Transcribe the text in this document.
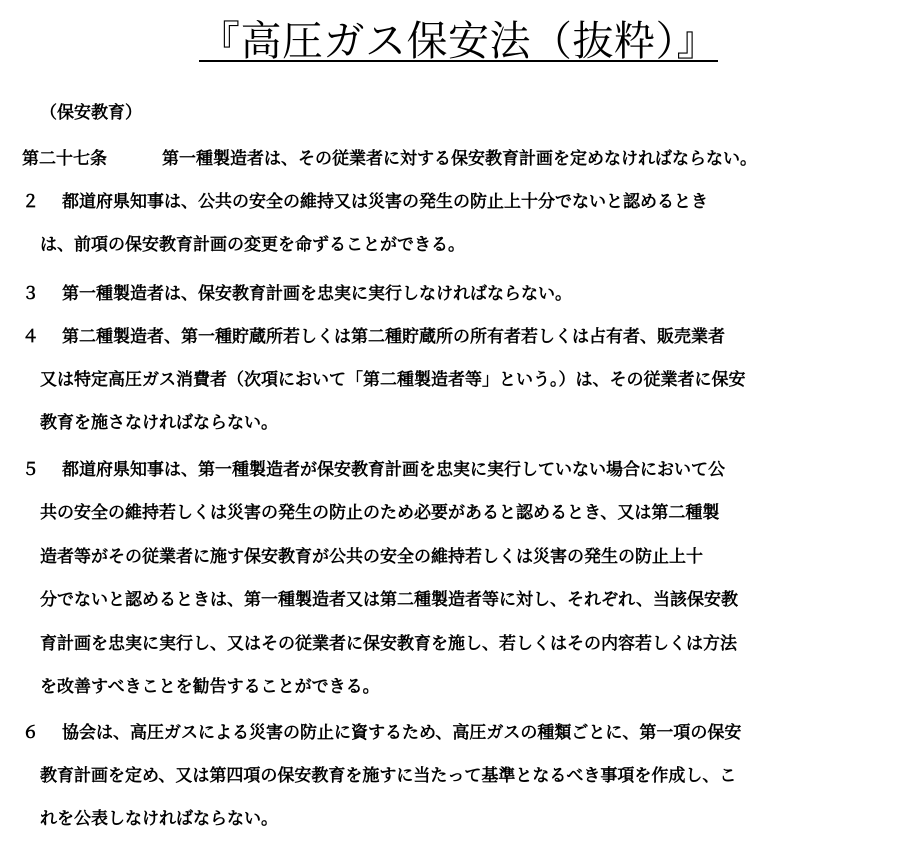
『高圧ガス保安法（抜粋）』
（保安教育）
第二十七条	第一種製造者は、その従業者に対する保安教育計画を定めなければならない。
２ 都道府県知事は、公共の安全の維持又は災害の発生の防止上十分でないと認めるとき
は、前項の保安教育計画の変更を命ずることができる。
３ 第一種製造者は、保安教育計画を忠実に実行しなければならない。
４ 第二種製造者、第一種貯蔵所若しくは第二種貯蔵所の所有者若しくは占有者、販売業者
又は特定高圧ガス消費者（次項において「第二種製造者等」という。）は、その従業者に保安
教育を施さなければならない。
５ 都道府県知事は、第一種製造者が保安教育計画を忠実に実行していない場合において公
共の安全の維持若しくは災害の発生の防止のため必要があると認めるとき、又は第二種製
造者等がその従業者に施す保安教育が公共の安全の維持若しくは災害の発生の防止上十
分でないと認めるときは、第一種製造者又は第二種製造者等に対し、それぞれ、当該保安教
育計画を忠実に実行し、又はその従業者に保安教育を施し、若しくはその内容若しくは方法
を改善すべきことを勧告することができる。
６ 協会は、高圧ガスによる災害の防止に資するため、高圧ガスの種類ごとに、第一項の保安
教育計画を定め、又は第四項の保安教育を施すに当たって基準となるべき事項を作成し、こ
れを公表しなければならない。
